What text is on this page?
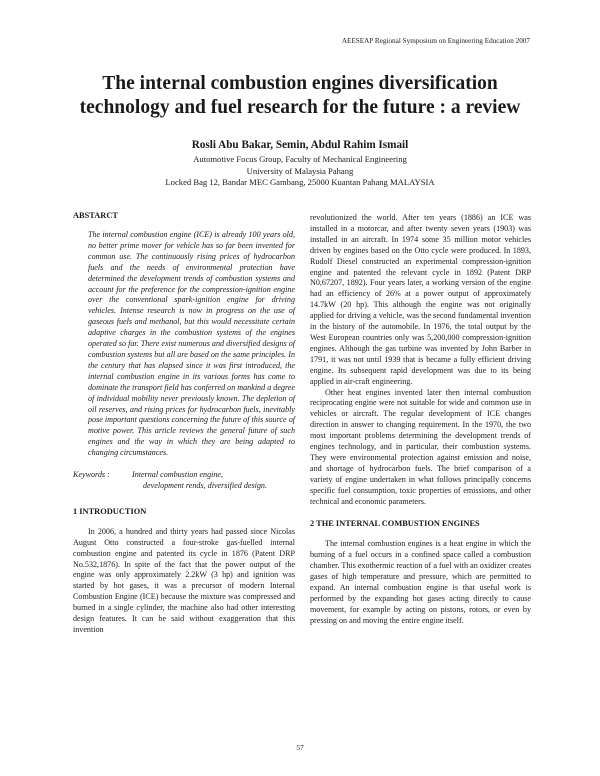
AEESEAP Regional Symposium on Engineering Education 2007
The internal combustion engines diversification
technology and fuel research for the future : a review

Rosli Abu Bakar, Semin, Abdul Rahim Ismail

Automotive Focus Group, Faculty of Mechanical Engineering

University of Malaysia Pahang

Locked Bag 12, Bandar MEC Gambang, 25000 Kuantan Pahang MALAYSIA

ABSTARCT

The internal combustion engine (ICE) is already 100 years old, no better prime mover for vehicle has so far been invented for common use. The continuously rising prices of hydrocarbon fuels and the needs of environmental protection have determined the development trends of combustion systems and account for the preference for the compression-ignition engine over the conventional spark-ignition engine for driving vehicles. Intense research is now in progress on the use of gaseous fuels and methanol, but this would necessitate certain adaptive charges in the combustion systems of the engines operated so far. There exist numerous and diversified designs of combustion systems but all are based on the same principles. In the century that has elapsed since it was first introduced, the internal combustion engine in its various forms has come to dominate the transport field has conferred on mankind a degree of individual mobility never previously known. The depletion of oil reserves, and rising prices for hydrocarbon fuels, inevitably pose important questions concerning the future of this source of motive power. This article reviews the general future of such engines and the way in which they are being adapted to changing circumstances.

Keywords :	Internal combustion engine,
development rends, diversified design.
1 INTRODUCTION

In 2006, a hundred and thirty years had passed since Nicolas August Otto constructed a four-stroke gas-fuelled internal combustion engine and patented its cycle in 1876 (Patent DRP No.532,1876). In spite of the fact that the power output of the engine was only approximately 2.2kW (3 hp) and ignition was started by hot gases, it was a precursor of modern Internal Combustion Engine (ICE) because the mixture was compressed and burned in a single cylinder, the machine also had other interesting design features. It can be said without exaggeration that this invention

revolutionized the world. After ten years (1886) an ICE was installed in a motorcar, and after twenty seven years (1903) was installed in an aircraft. In 1974 some 35 million motor vehicles driven by engines based on the Otto cycle were produced. In 1893, Rudolf Diesel constructed an experimental compression-ignition engine and patented the relevant cycle in 1892 (Patent DRP N0,67207, 1892). Four years later, a working version of the engine had an efficiency of 26% at a power output of approximately 14.7kW (20 hp). This although the engine was not originally applied for driving a vehicle, was the second fundamental invention in the history of the automobile. In 1976, the total output by the West European countries only was 5,200,000 compression-ignition engines. Although the gas turbine was invented by John Barber in 1791, it was not until 1939 that is became a fully efficient driving engine. Its subsequent rapid development was due to its being applied in air-craft engineering.

Other heat engines invented later then internal combustion reciprocating engine were not suitable for wide and common use in vehicles or aircraft. The regular development of ICE changes direction in answer to changing requirement. In the 1970, the two most important problems determining the development trends of engines technology, and in particular, their combustion systems. They were environmental protection against emission and noise, and shortage of hydrocarbon fuels. The brief comparison of a variety of engine undertaken in what follows principally concerns specific fuel consumption, toxic properties of emissions, and other technical and economic parameters.

2 THE INTERNAL COMBUSTION ENGINES

The internal combustion engines is a heat engine in which the burning of a fuel occurs in a confined space called a combustion chamber. This exothermic reaction of a fuel with an oxidizer creates gases of high temperature and pressure, which are permitted to expand. An internal combustion engine is that useful work is performed by the expanding hot gases acting directly to cause movement, for example by acting on pistons, rotors, or even by pressing on and moving the entire engine itself.

57
